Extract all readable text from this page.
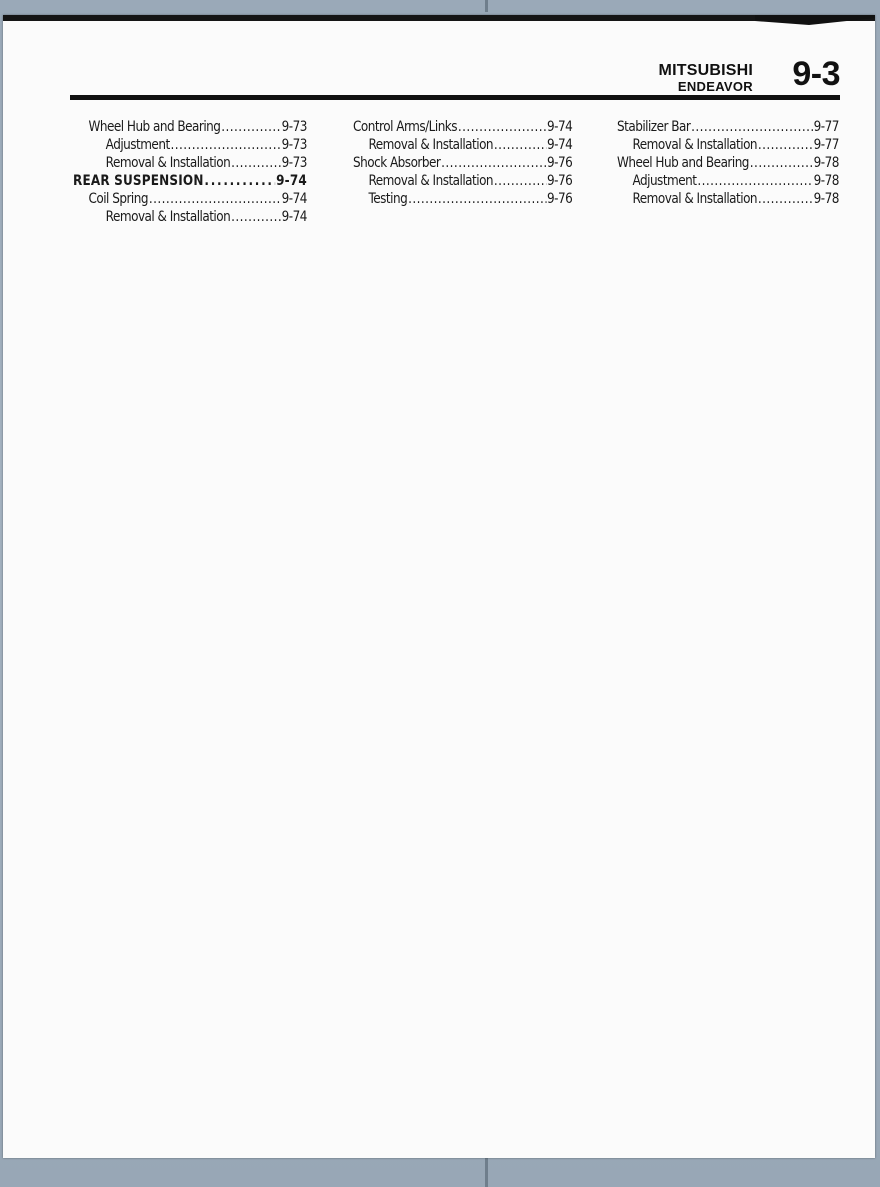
MITSUBISHI
ENDEAVOR 9-3
Wheel Hub and Bearing .....	9-73
Adjustment .....	9-73
Removal & Installation .....	9-73
REAR SUSPENSION .....	9-74
Coil Spring .....	9-74
Removal & Installation .....	9-74
Control Arms/Links .....	9-74
Removal & Installation .....	9-74
Shock Absorber .....	9-76
Removal & Installation .....	9-76
Testing .....	9-76
Stabilizer Bar .....	9-77
Removal & Installation .....	9-77
Wheel Hub and Bearing .....	9-78
Adjustment .....	9-78
Removal & Installation .....	9-78
